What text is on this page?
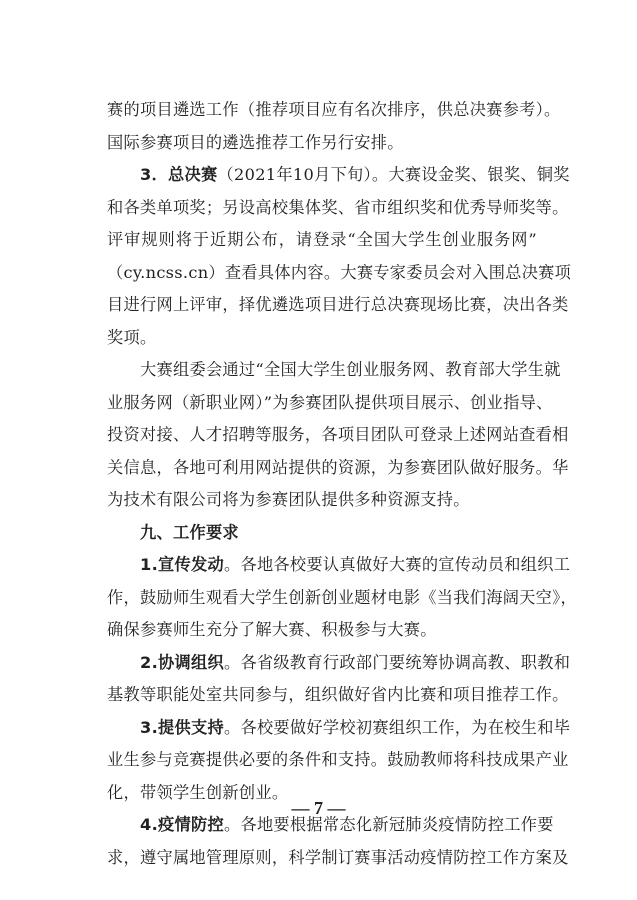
赛的项目遴选工作（推荐项目应有名次排序，供总决赛参考）。
国际参赛项目的遴选推荐工作另行安排。
3．总决赛（2021年10月下旬）。大赛设金奖、银奖、铜奖
和各类单项奖；另设高校集体奖、省市组织奖和优秀导师奖等。
评审规则将于近期公布，请登录“全国大学生创业服务网”
（cy.ncss.cn）查看具体内容。大赛专家委员会对入围总决赛项
目进行网上评审，择优遴选项目进行总决赛现场比赛，决出各类
奖项。
大赛组委会通过“全国大学生创业服务网、教育部大学生就
业服务网（新职业网）”为参赛团队提供项目展示、创业指导、
投资对接、人才招聘等服务，各项目团队可登录上述网站查看相
关信息，各地可利用网站提供的资源，为参赛团队做好服务。华
为技术有限公司将为参赛团队提供多种资源支持。
九、工作要求
1.宣传发动。各地各校要认真做好大赛的宣传动员和组织工
作，鼓励师生观看大学生创新创业题材电影《当我们海阔天空》，
确保参赛师生充分了解大赛、积极参与大赛。
2.协调组织。各省级教育行政部门要统筹协调高教、职教和
基教等职能处室共同参与，组织做好省内比赛和项目推荐工作。
3.提供支持。各校要做好学校初赛组织工作，为在校生和毕
业生参与竞赛提供必要的条件和支持。鼓励教师将科技成果产业
化，带领学生创新创业。
4.疫情防控。各地要根据常态化新冠肺炎疫情防控工作要
求，遵守属地管理原则，科学制订赛事活动疫情防控工作方案及
— 7 —
